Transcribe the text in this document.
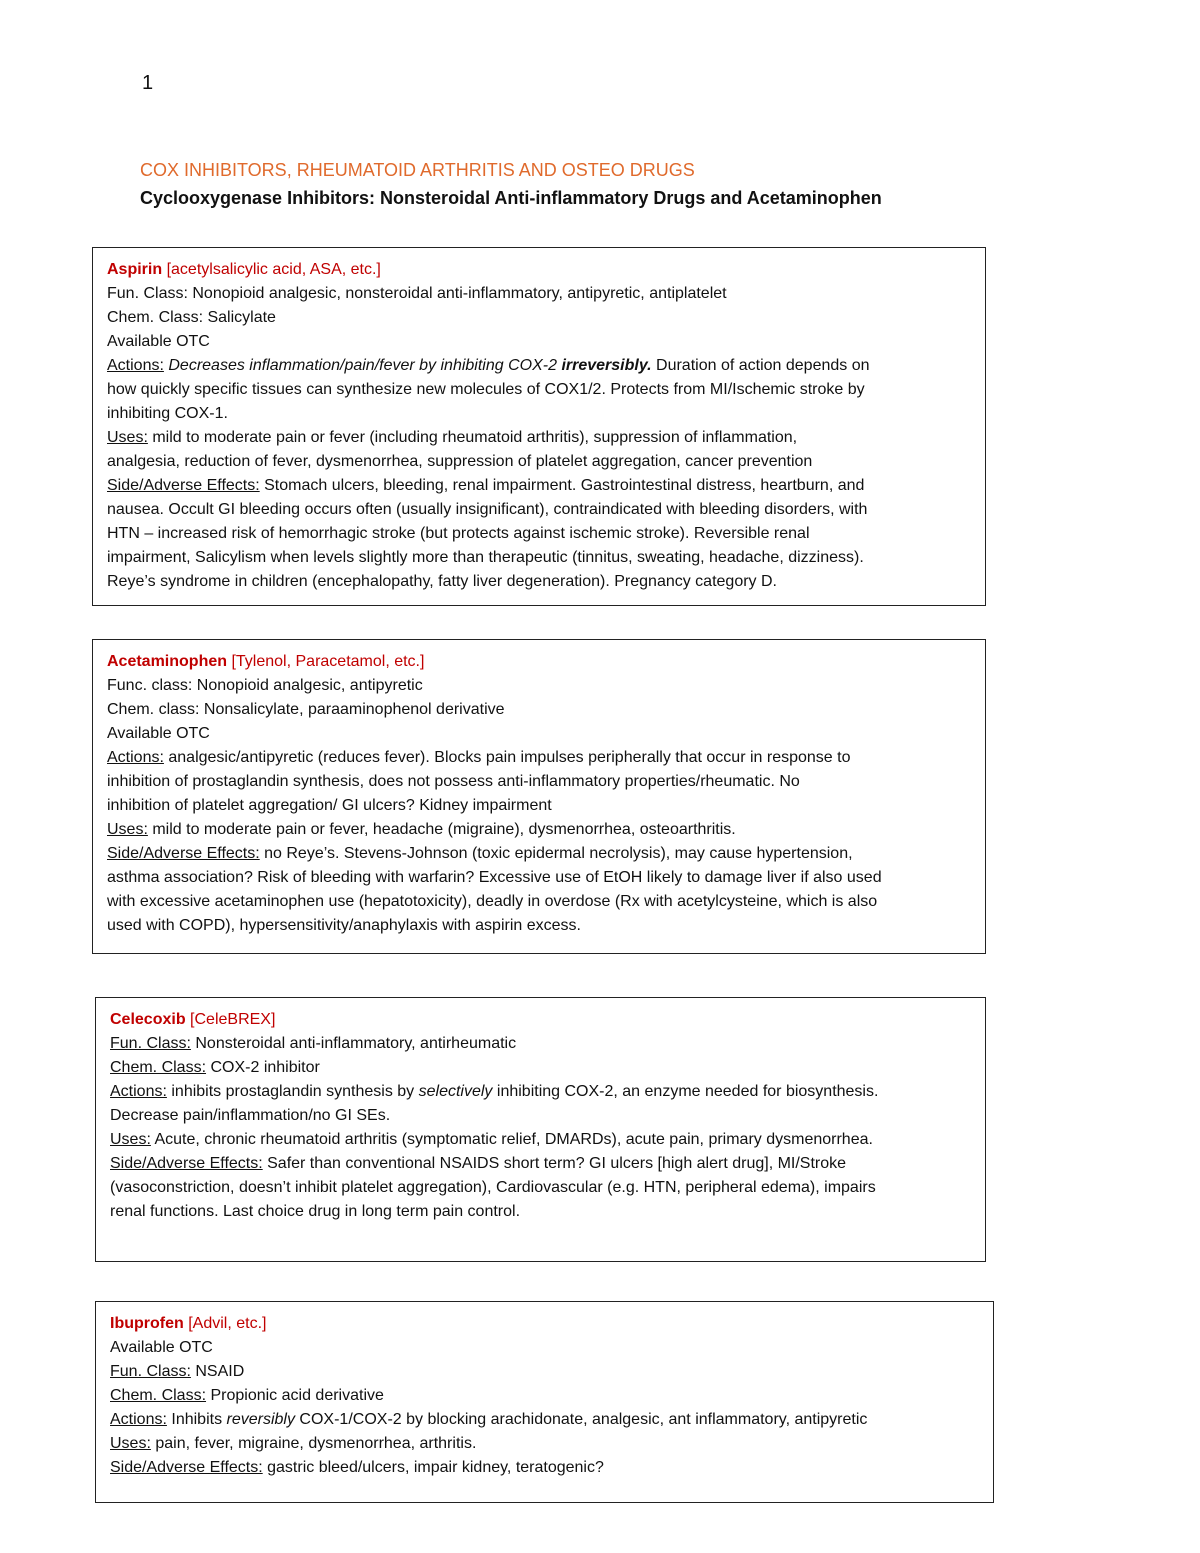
1
COX INHIBITORS, RHEUMATOID ARTHRITIS AND OSTEO DRUGS
Cyclooxygenase Inhibitors: Nonsteroidal Anti-inflammatory Drugs and Acetaminophen
Aspirin [acetylsalicylic acid, ASA, etc.]
Fun. Class: Nonopioid analgesic, nonsteroidal anti-inflammatory, antipyretic, antiplatelet
Chem. Class: Salicylate
Available OTC
Actions: Decreases inflammation/pain/fever by inhibiting COX-2 irreversibly. Duration of action depends on
how quickly specific tissues can synthesize new molecules of COX1/2. Protects from MI/Ischemic stroke by
inhibiting COX-1.
Uses: mild to moderate pain or fever (including rheumatoid arthritis), suppression of inflammation,
analgesia, reduction of fever, dysmenorrhea, suppression of platelet aggregation, cancer prevention
Side/Adverse Effects: Stomach ulcers, bleeding, renal impairment. Gastrointestinal distress, heartburn, and
nausea. Occult GI bleeding occurs often (usually insignificant), contraindicated with bleeding disorders, with
HTN – increased risk of hemorrhagic stroke (but protects against ischemic stroke). Reversible renal
impairment, Salicylism when levels slightly more than therapeutic (tinnitus, sweating, headache, dizziness).
Reye’s syndrome in children (encephalopathy, fatty liver degeneration). Pregnancy category D.
Acetaminophen [Tylenol, Paracetamol, etc.]
Func. class: Nonopioid analgesic, antipyretic
Chem. class: Nonsalicylate, paraaminophenol derivative
Available OTC
Actions: analgesic/antipyretic (reduces fever). Blocks pain impulses peripherally that occur in response to
inhibition of prostaglandin synthesis, does not possess anti-inflammatory properties/rheumatic. No
inhibition of platelet aggregation/ GI ulcers? Kidney impairment
Uses: mild to moderate pain or fever, headache (migraine), dysmenorrhea, osteoarthritis.
Side/Adverse Effects: no Reye’s. Stevens-Johnson (toxic epidermal necrolysis), may cause hypertension,
asthma association? Risk of bleeding with warfarin? Excessive use of EtOH likely to damage liver if also used
with excessive acetaminophen use (hepatotoxicity), deadly in overdose (Rx with acetylcysteine, which is also
used with COPD), hypersensitivity/anaphylaxis with aspirin excess.
Celecoxib [CeleBREX]
Fun. Class: Nonsteroidal anti-inflammatory, antirheumatic
Chem. Class: COX-2 inhibitor
Actions: inhibits prostaglandin synthesis by selectively inhibiting COX-2, an enzyme needed for biosynthesis.
Decrease pain/inflammation/no GI SEs.
Uses: Acute, chronic rheumatoid arthritis (symptomatic relief, DMARDs), acute pain, primary dysmenorrhea.
Side/Adverse Effects: Safer than conventional NSAIDS short term? GI ulcers [high alert drug], MI/Stroke
(vasoconstriction, doesn’t inhibit platelet aggregation), Cardiovascular (e.g. HTN, peripheral edema), impairs
renal functions. Last choice drug in long term pain control.
Ibuprofen [Advil, etc.]
Available OTC
Fun. Class: NSAID
Chem. Class: Propionic acid derivative
Actions: Inhibits reversibly COX-1/COX-2 by blocking arachidonate, analgesic, ant inflammatory, antipyretic
Uses: pain, fever, migraine, dysmenorrhea, arthritis.
Side/Adverse Effects: gastric bleed/ulcers, impair kidney, teratogenic?
